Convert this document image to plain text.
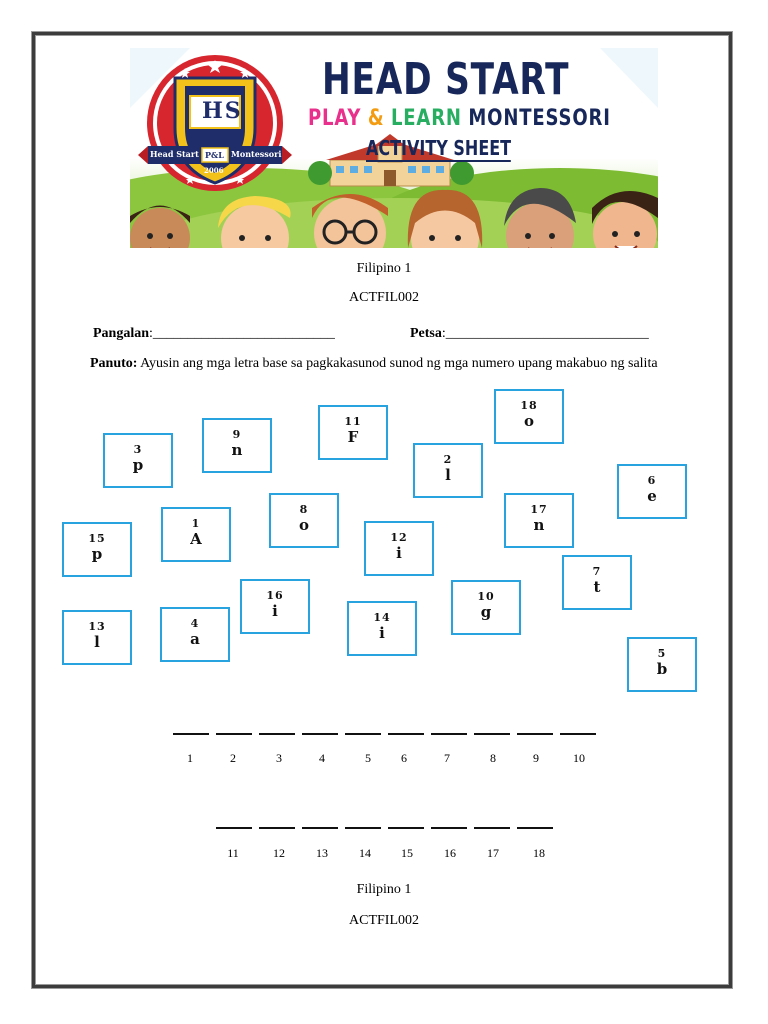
HS
Head Start P&L Montessori
2006
HEAD START
PLAY & LEARN MONTESSORI
ACTIVITY SHEET
Filipino 1
ACTFIL002
Pangalan:__________________________	Petsa:_____________________________
Panuto: Ayusin ang mga letra base sa pagkakasunod sunod ng mga numero upang makabuo ng salita
3
p
9
n
11
F
18
o
2
l	6
e
1
A
8
o
15
p
12
i
17
n
7
t
16
i
10
g
13
l
4
a
14
i
5
b
1	2	3	4	5	6	7	8	9	10
11	12	13	14	15	16	17	18
Filipino 1
ACTFIL002
